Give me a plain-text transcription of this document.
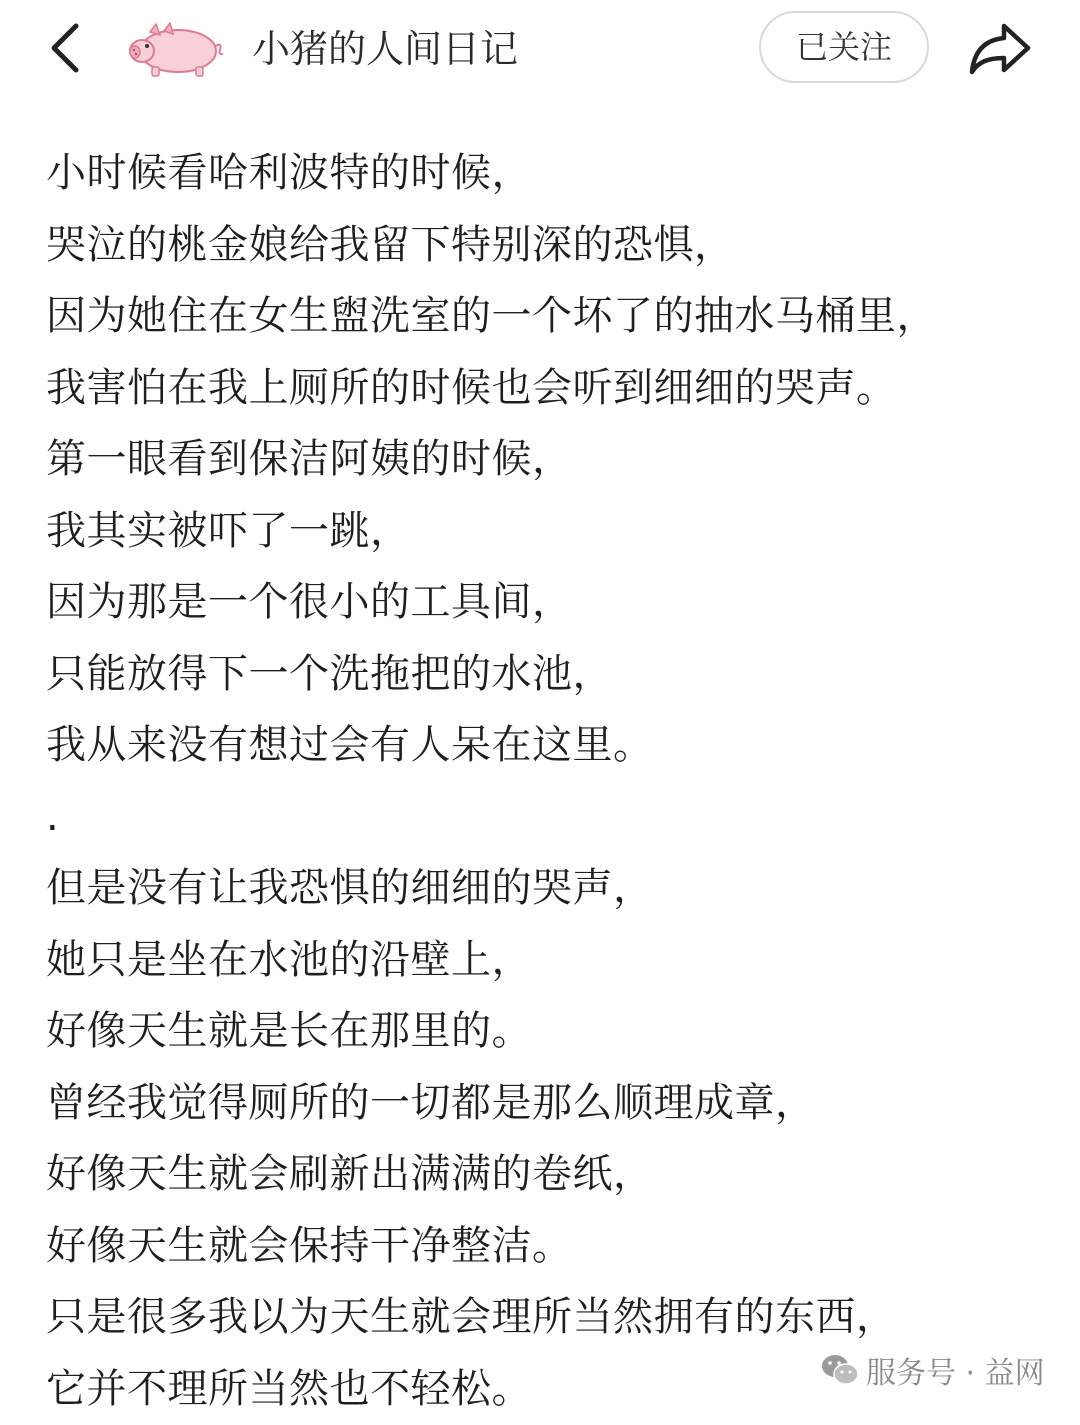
小猪的人间日记	已关注
小时候看哈利波特的时候，
哭泣的桃金娘给我留下特别深的恐惧，
因为她住在女生盥洗室的一个坏了的抽水马桶里，
我害怕在我上厕所的时候也会听到细细的哭声。
第一眼看到保洁阿姨的时候，
我其实被吓了一跳，
因为那是一个很小的工具间，
只能放得下一个洗拖把的水池，
我从来没有想过会有人呆在这里。
.
但是没有让我恐惧的细细的哭声，
她只是坐在水池的沿壁上，
好像天生就是长在那里的。
曾经我觉得厕所的一切都是那么顺理成章，
好像天生就会刷新出满满的卷纸，
好像天生就会保持干净整洁。
只是很多我以为天生就会理所当然拥有的东西，
它并不理所当然也不轻松。	服务号 · 益网
